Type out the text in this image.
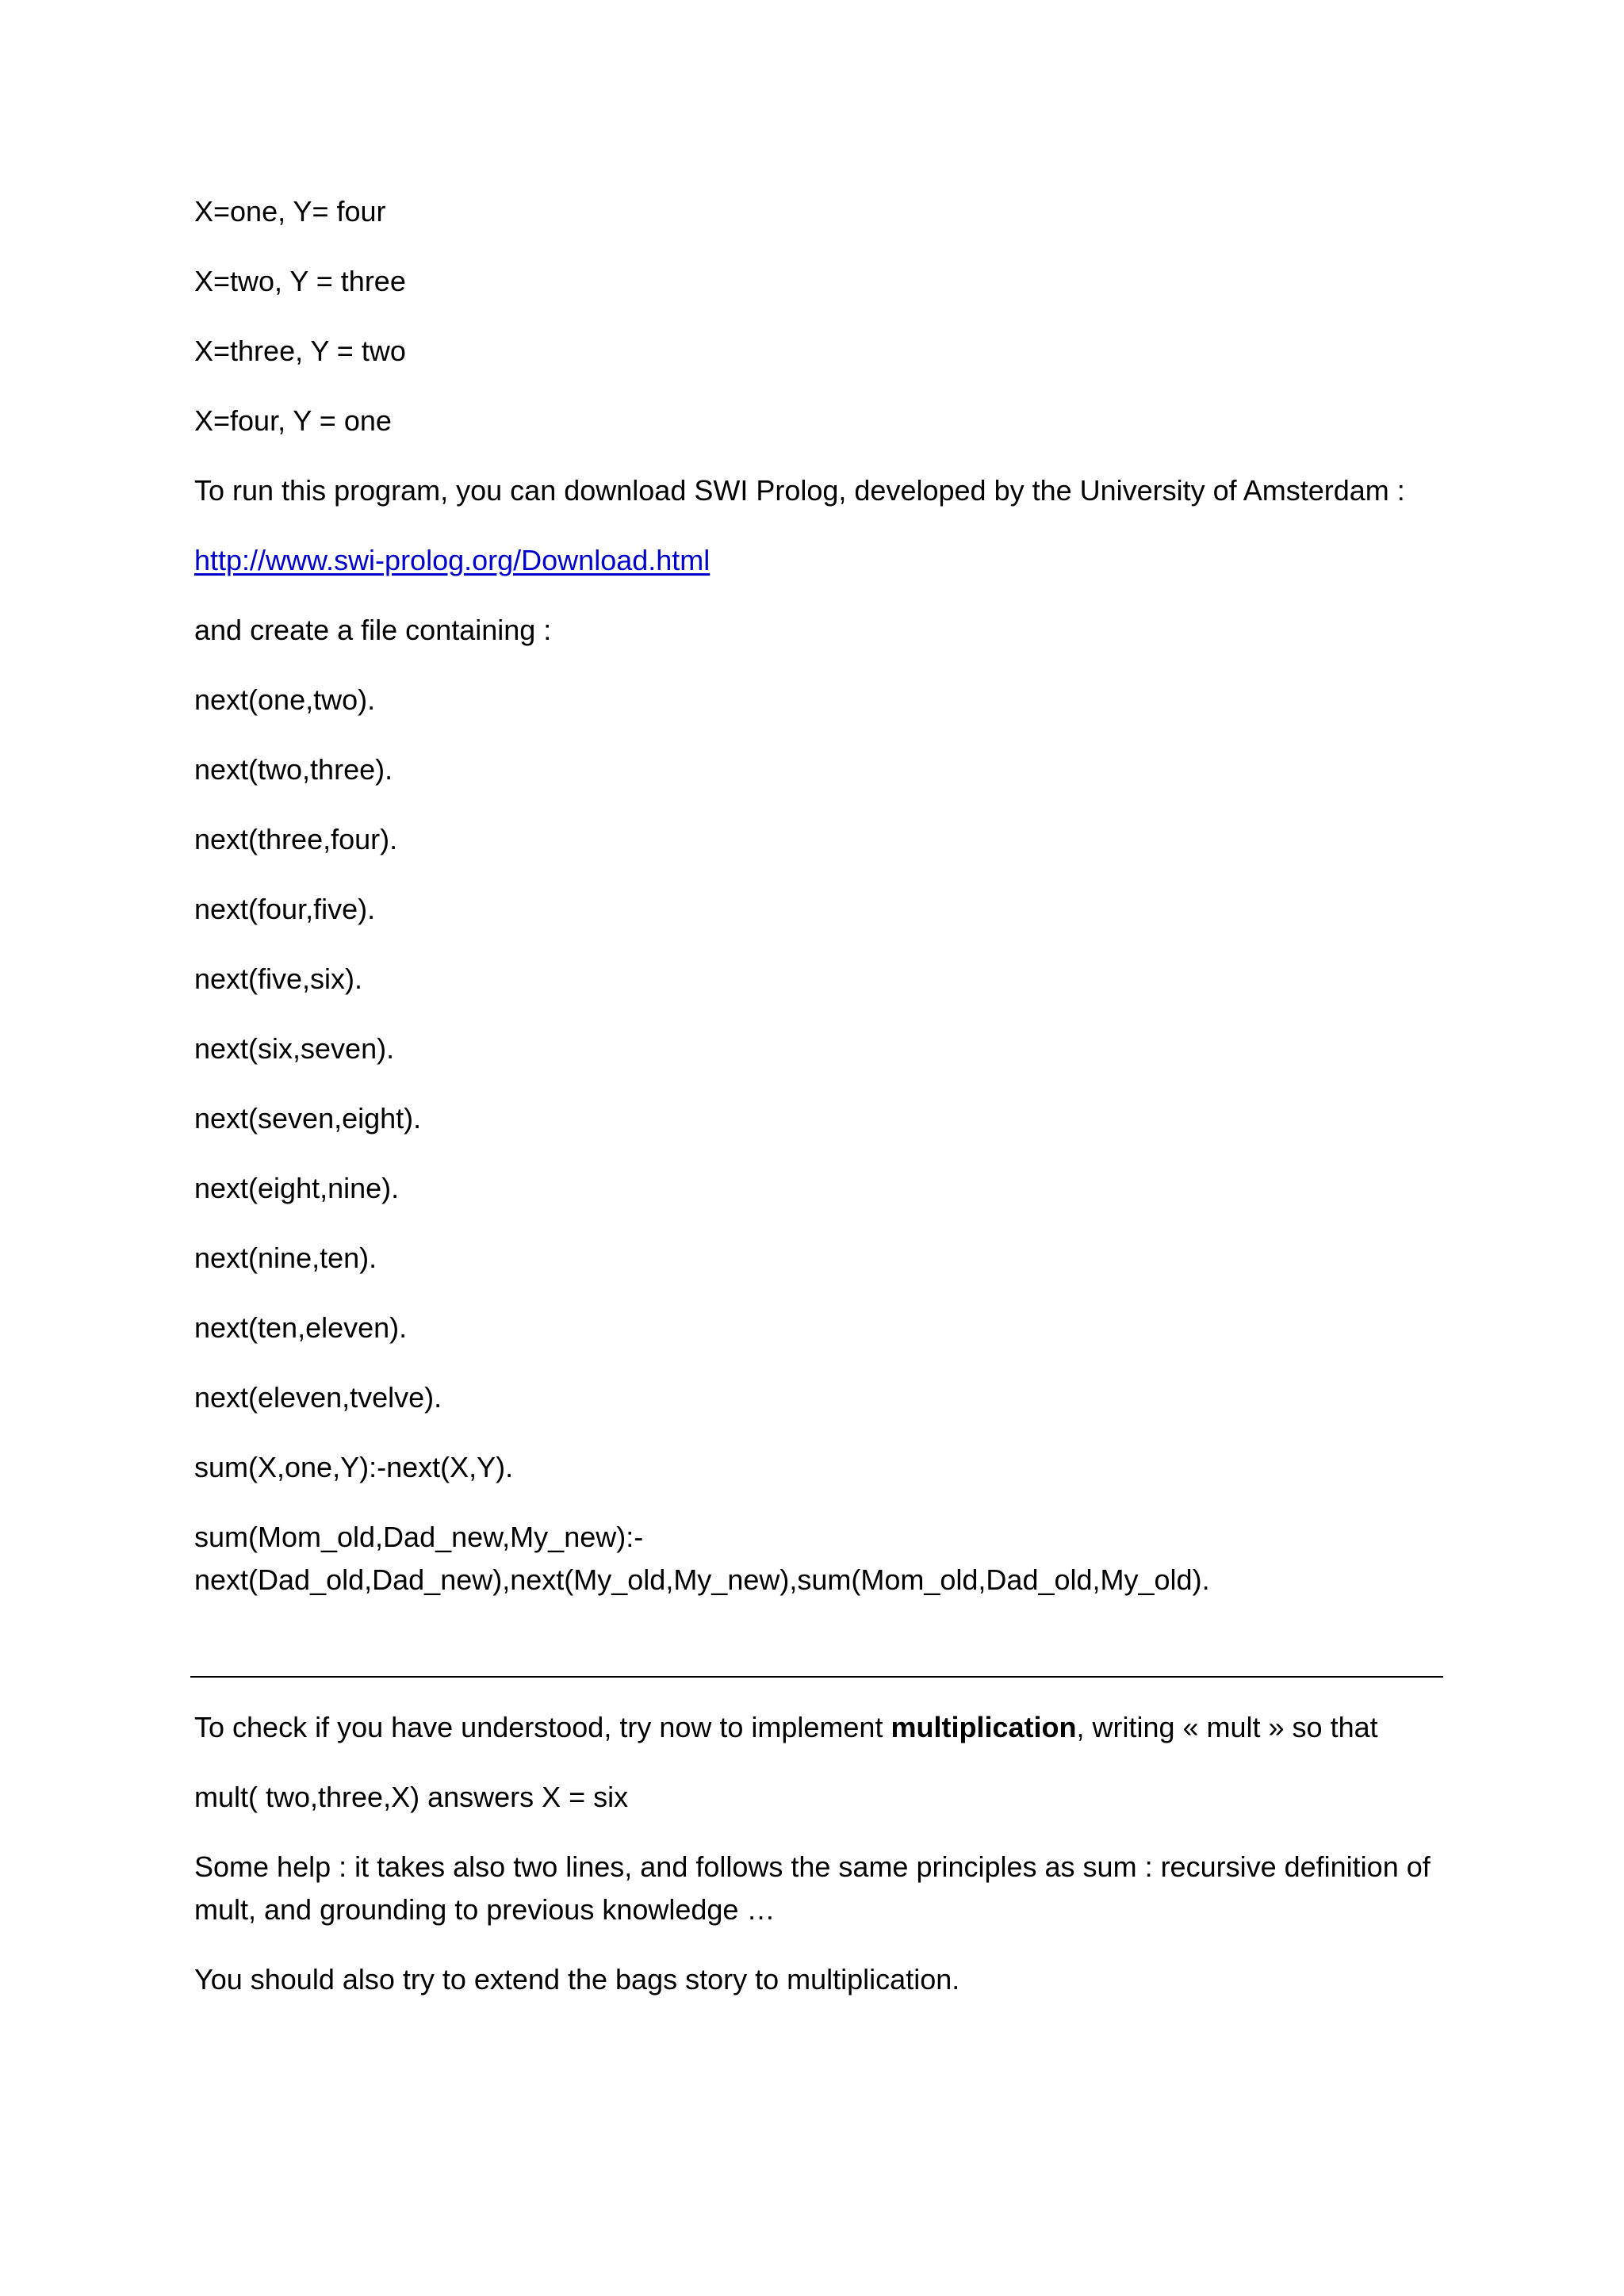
X=one, Y= four

X=two, Y = three

X=three, Y = two

X=four, Y = one

To run this program, you can download SWI Prolog, developed by the University of Amsterdam :

http://www.swi-prolog.org/Download.html

and create a file containing :

next(one,two).

next(two,three).

next(three,four).

next(four,five).

next(five,six).

next(six,seven).

next(seven,eight).

next(eight,nine).

next(nine,ten).

next(ten,eleven).

next(eleven,tvelve).

sum(X,one,Y):-next(X,Y).

sum(Mom_old,Dad_new,My_new):-

next(Dad_old,Dad_new),next(My_old,My_new),sum(Mom_old,Dad_old,My_old).

To check if you have understood, try now to implement multiplication, writing « mult » so that

mult( two,three,X) answers X = six

Some help : it takes also two lines, and follows the same principles as sum : recursive definition of mult, and grounding to previous knowledge …

You should also try to extend the bags story to multiplication.
